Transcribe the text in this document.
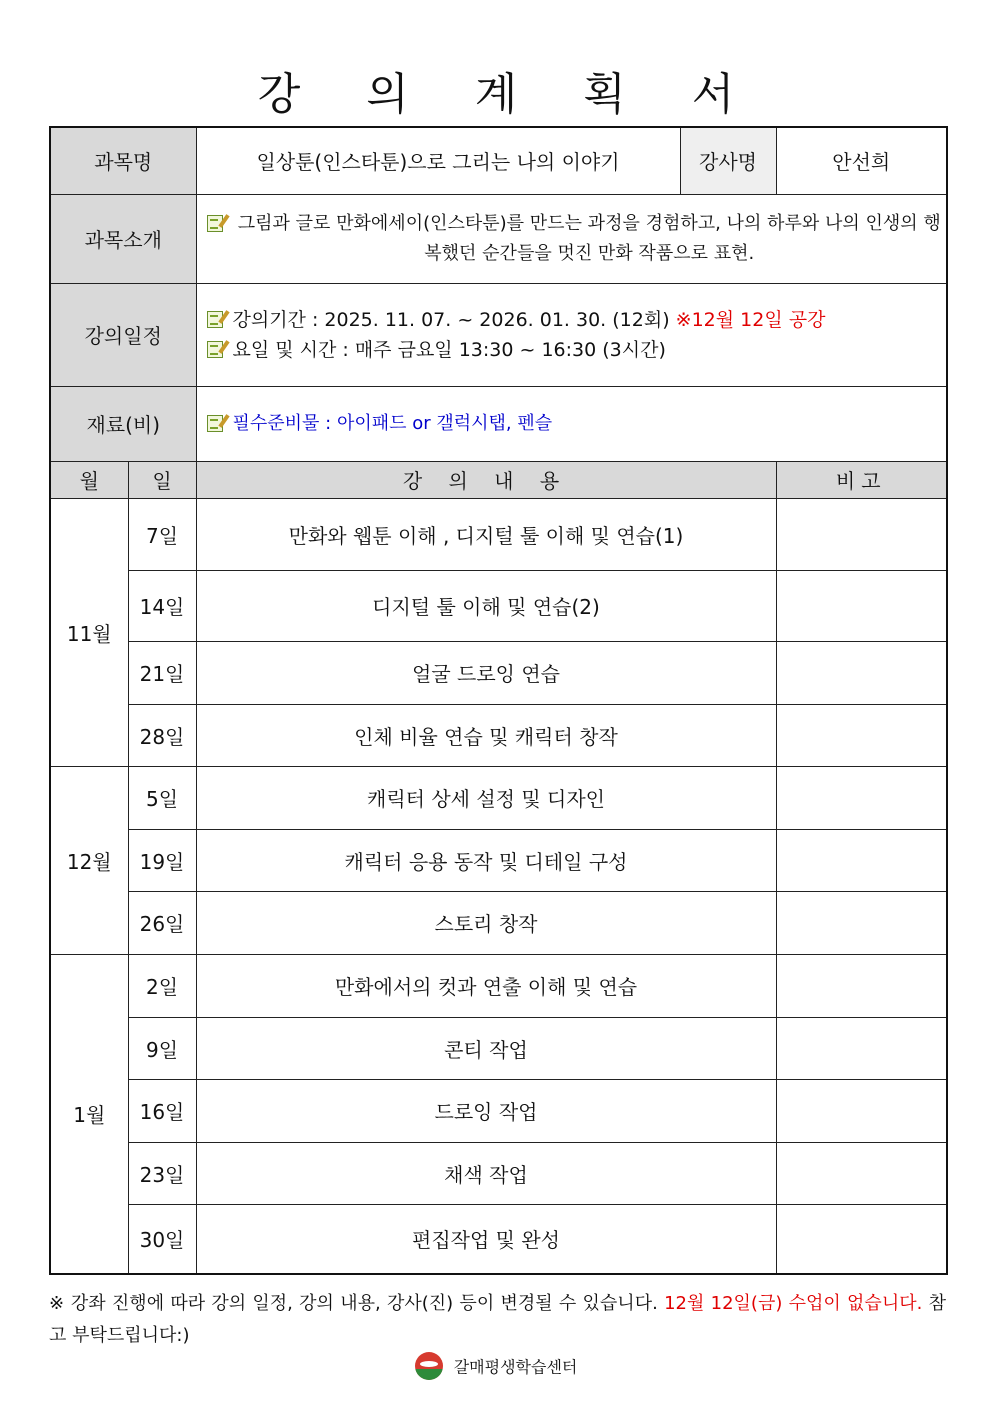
강 의 계 획 서
과목명		일상툰(인스타툰)으로 그리는 나의 이야기	강사명	안선희
과목소개		그림과 글로 만화에세이(인스타툰)를 만드는 과정을 경험하고, 나의 하루와 나의 인생의 행복했던 순간들을 멋진 만화 작품으로 표현.		

강의일정		강의기간 : 2025. 11. 07. ~ 2026. 01. 30. (12회) ※12월 12일 공강
요일 및 시간 : 매주 금요일 13:30 ~ 16:30 (3시간)		

재료(비)		필수준비물 : 아이패드 or 갤럭시탭, 펜슬		

월	일	강 의 내 용		비고
11월	7일	만화와 웹툰 이해 , 디지털 툴 이해 및 연습(1)		
	14일	디지털 툴 이해 및 연습(2)		
	21일	얼굴 드로잉 연습		
	28일	인체 비율 연습 및 캐릭터 창작		
12월	5일	캐릭터 상세 설정 및 디자인		
	19일	캐릭터 응용 동작 및 디테일 구성		
	26일	스토리 창작		
1월	2일	만화에서의 컷과 연출 이해 및 연습		
	9일	콘티 작업		
	16일	드로잉 작업		
	23일	채색 작업		
	30일	편집작업 및 완성		
※ 강좌 진행에 따라 강의 일정, 강의 내용, 강사(진) 등이 변경될 수 있습니다. 12월 12일(금) 수업이 없습니다. 참고 부탁드립니다:)
갈매평생학습센터
